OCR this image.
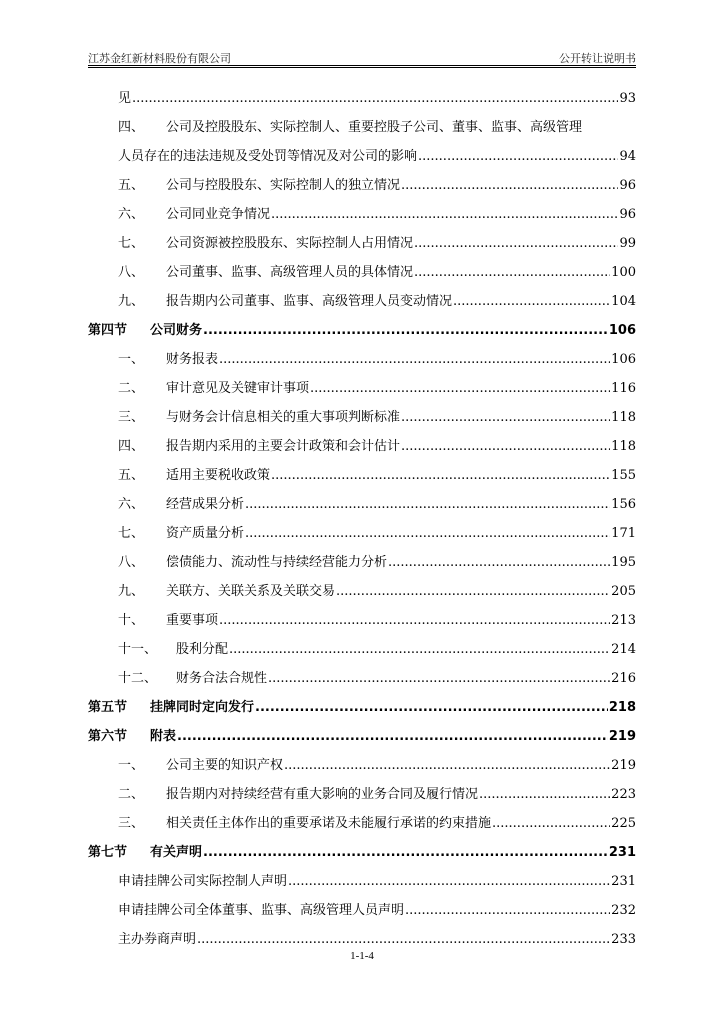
江苏金红新材料股份有限公司	公开转让说明书
见 .....	93
四、	公司及控股股东、实际控制人、重要控股子公司、董事、监事、高级管理
人员存在的违法违规及受处罚等情况及对公司的影响 .....	94
五、	公司与控股股东、实际控制人的独立情况 .....	96
六、	公司同业竞争情况 .....	96
七、	公司资源被控股股东、实际控制人占用情况 .....	99
八、	公司董事、监事、高级管理人员的具体情况 .....	100
九、	报告期内公司董事、监事、高级管理人员变动情况 .....	104
第四节	公司财务 .....	106
一、	财务报表 .....	106
二、	审计意见及关键审计事项 .....	116
三、	与财务会计信息相关的重大事项判断标准 .....	118
四、	报告期内采用的主要会计政策和会计估计 .....	118
五、	适用主要税收政策 .....	155
六、	经营成果分析 .....	156
七、	资产质量分析 .....	171
八、	偿债能力、流动性与持续经营能力分析 .....	195
九、	关联方、关联关系及关联交易 .....	205
十、	重要事项 .....	213
十一、	股利分配 .....	214
十二、	财务合法合规性 .....	216
第五节	挂牌同时定向发行 .....	218
第六节	附表 .....	219
一、	公司主要的知识产权 .....	219
二、	报告期内对持续经营有重大影响的业务合同及履行情况 .....	223
三、	相关责任主体作出的重要承诺及未能履行承诺的约束措施 .....	225
第七节	有关声明 .....	231
申请挂牌公司实际控制人声明 .....	231
申请挂牌公司全体董事、监事、高级管理人员声明 .....	232
主办券商声明 .....	233
1-1-4
